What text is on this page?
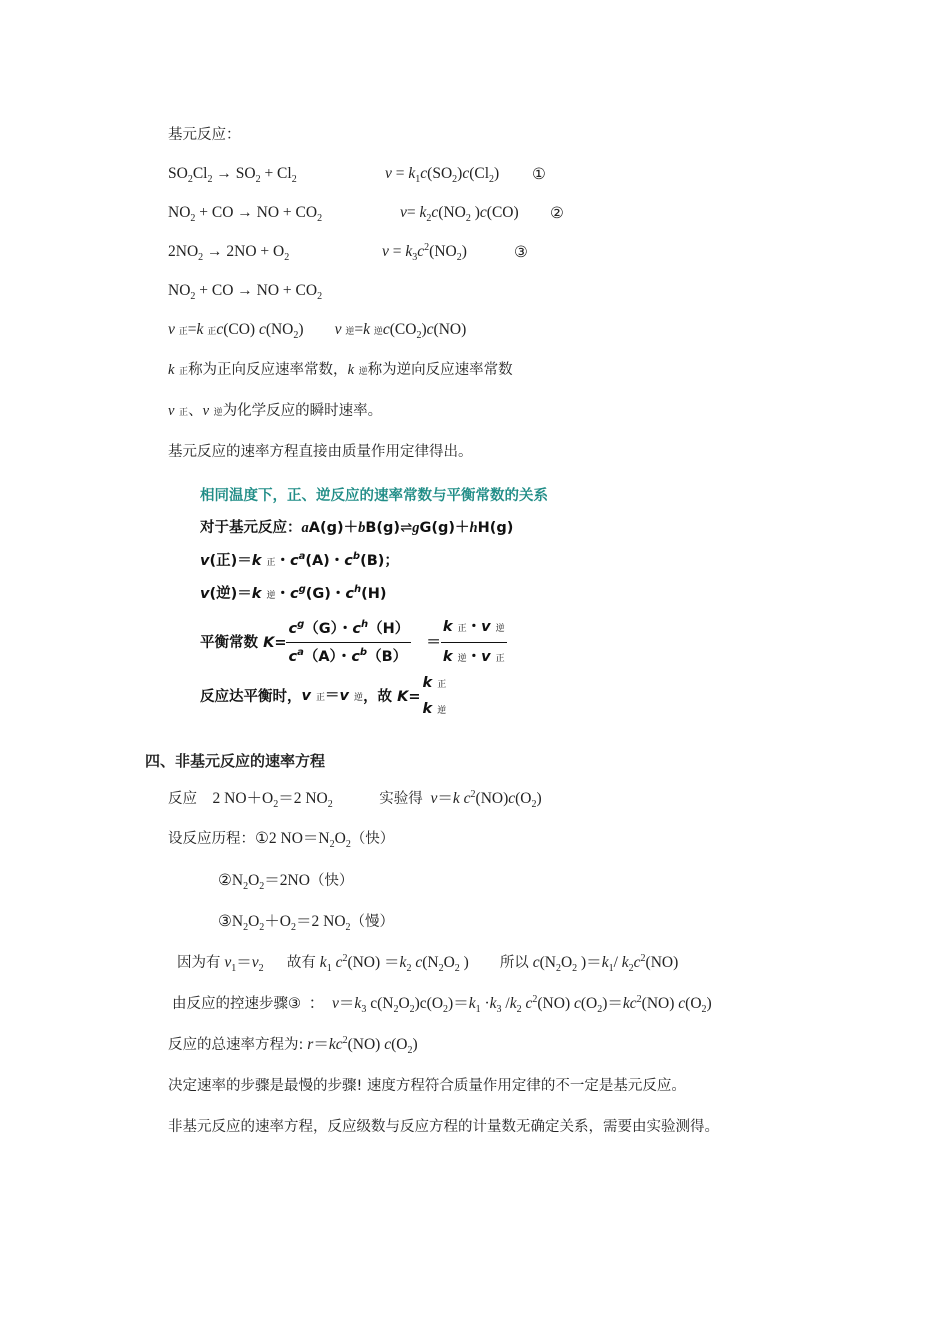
基元反应：
$SO_2Cl_2 \to SO_2 + Cl_2$	$v = k_1c(SO_2)c(Cl_2)$ ①
$NO_2$ + CO → NO + $CO_2$	$v= k_2c(NO_2$ )c(CO) ②
$2NO_2 \to 2NO + O_2$	$v = k_3c^2(NO_2)$	③
$NO_2$ + CO → NO + $CO_2$
v 正=k 正c(CO) $c(NO_2)$        v 逆=k 逆$c(CO_2)c(NO)$
k 正称为正向反应速率常数，k 逆称为逆向反应速率常数
v 正、v 逆为化学反应的瞬时速率。
基元反应的速率方程直接由质量作用定律得出。
相同温度下，正、逆反应的速率常数与平衡常数的关系
对于基元反应：aA(g)＋bB(g)⇌gG(g)＋hH(g)
v(正)＝k 正・$c^a(A)$・$c^b(B)$；
v(逆)＝k 逆・$c^g(G)$・$c^h(H)$
平衡常数 $K= \frac{c^g(G)・c^h(H)}{c^a(A)・c^b(B)} = \frac{\text{k 正・v 逆}}{\text{k 逆・v 正}}$
反应达平衡时，v 正＝v 逆，故 K=
k 正
k 逆
四、非基元反应的速率方程
反应    2 $NO+O_2=2$ $NO_2$	实验得 v＝k $c^2(NO)c(O_2)$
设反应历程：①2 $NO=N_2O_2$（快）
$②N_2O_2=2NO$（快）
$③N_2O_2+O_2=2$ $NO_2$（慢）
因为有 $v_1=v_2$ 故有 $k_1$ $c^2(NO) =k_2$ $c(N_2O_2$ )        所以 $c(N_2O_2$ )$=k_1/$ $k_2c^2(NO)$
由反应的控速步骤③  ：  $v=k_3$ $c(N_2O_2)c(O_2)=k_1 \cdot k_3$ $/k_2$ $c^2(NO)$ $c(O_2)=kc^2(NO)$ $c(O_2)$
反应的总速率方程为: $r=kc^2(NO)$ $c(O_2)$
决定速率的步骤是最慢的步骤! 速度方程符合质量作用定律的不一定是基元反应。
非基元反应的速率方程，反应级数与反应方程的计量数无确定关系，需要由实验测得。
